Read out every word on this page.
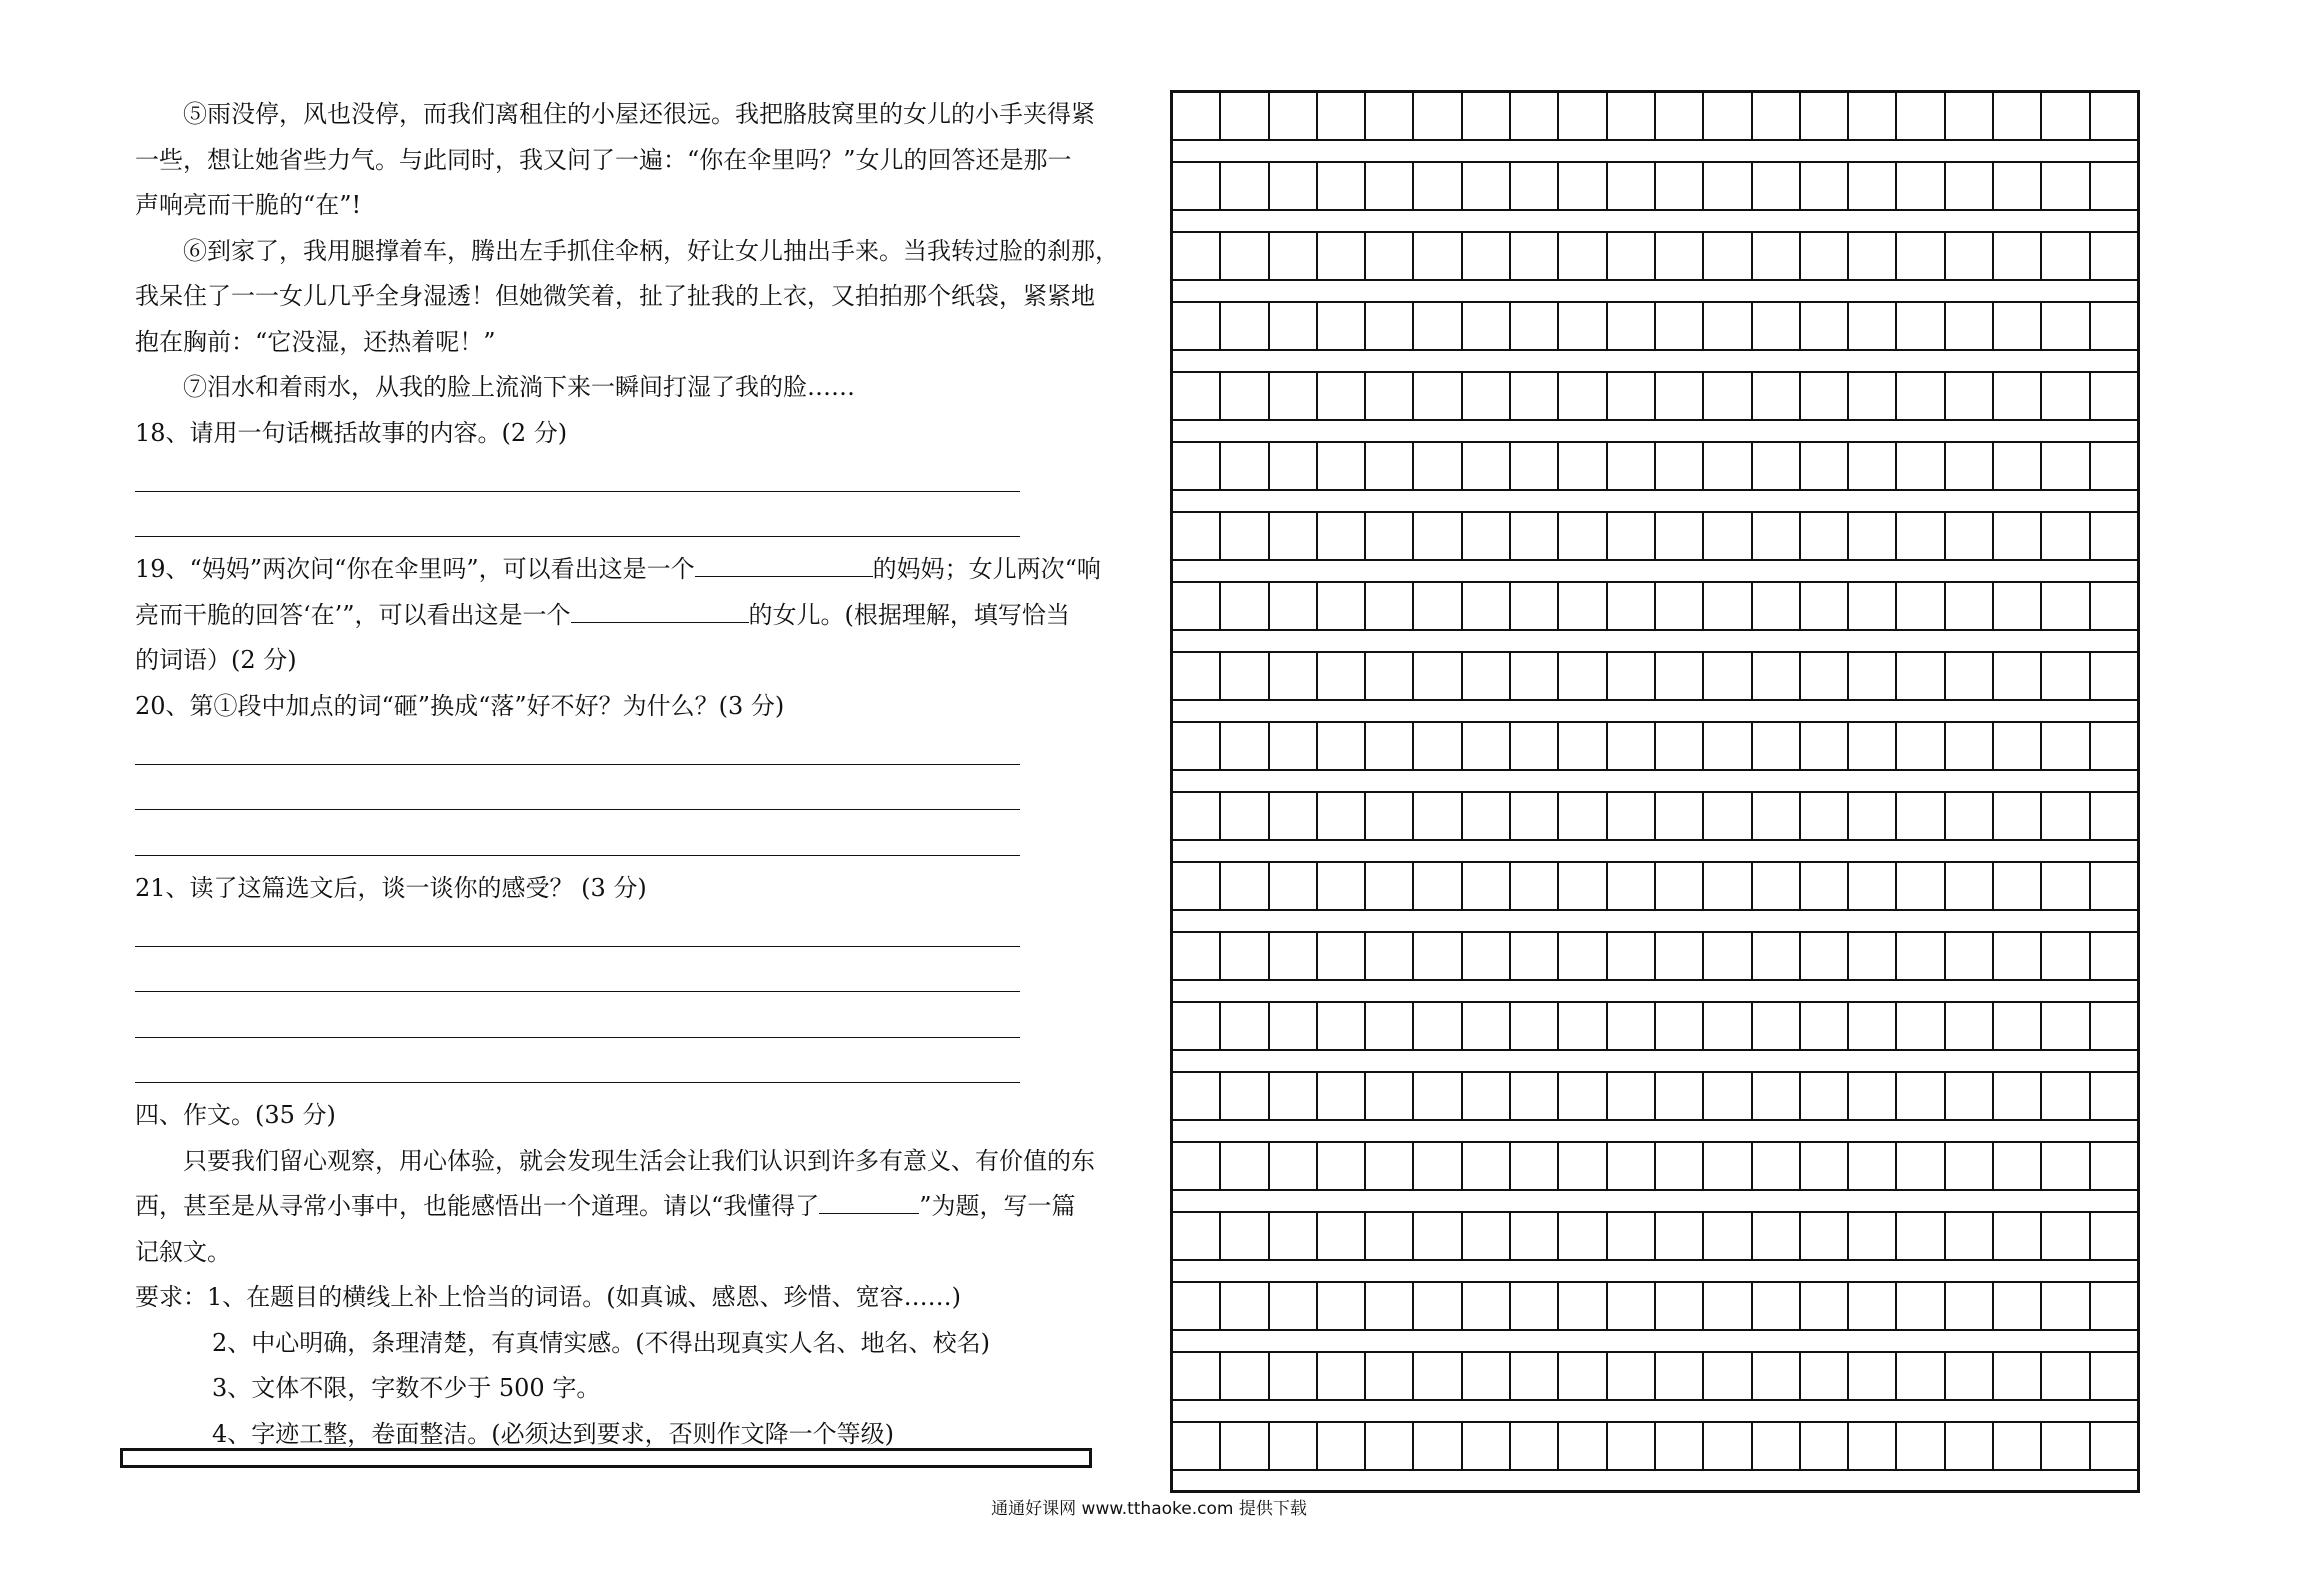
⑤雨没停，风也没停，而我们离租住的小屋还很远。我把胳肢窝里的女儿的小手夹得紧
一些，想让她省些力气。与此同时，我又问了一遍：“你在伞里吗？”女儿的回答还是那一
声响亮而干脆的“在”!
⑥到家了，我用腿撑着车，腾出左手抓住伞柄，好让女儿抽出手来。当我转过脸的刹那，
我呆住了一一女儿几乎全身湿透！但她微笑着，扯了扯我的上衣，又拍拍那个纸袋，紧紧地
抱在胸前：“它没湿，还热着呢！”
⑦泪水和着雨水，从我的脸上流淌下来一瞬间打湿了我的脸……
18、请用一句话概括故事的内容。(2 分)
19、“妈妈”两次问“你在伞里吗”，可以看出这是一个	的妈妈；女儿两次“响
亮而干脆的回答‘在’”，可以看出这是一个	的女儿。(根据理解，填写恰当
的词语）(2 分)
20、第①段中加点的词“砸”换成“落”好不好？为什么？(3 分)
21、读了这篇选文后，谈一谈你的感受？ (3 分)
四、作文。(35 分)
只要我们留心观察，用心体验，就会发现生活会让我们认识到许多有意义、有价值的东
西，甚至是从寻常小事中，也能感悟出一个道理。请以“我懂得了	”为题，写一篇
记叙文。
要求：1、在题目的横线上补上恰当的词语。(如真诚、感恩、珍惜、宽容……)
2、中心明确，条理清楚，有真情实感。(不得出现真实人名、地名、校名)
3、文体不限，字数不少于 500 字。
4、字迹工整，卷面整洁。(必须达到要求，否则作文降一个等级)
通通好课网 www.tthaoke.com 提供下载
